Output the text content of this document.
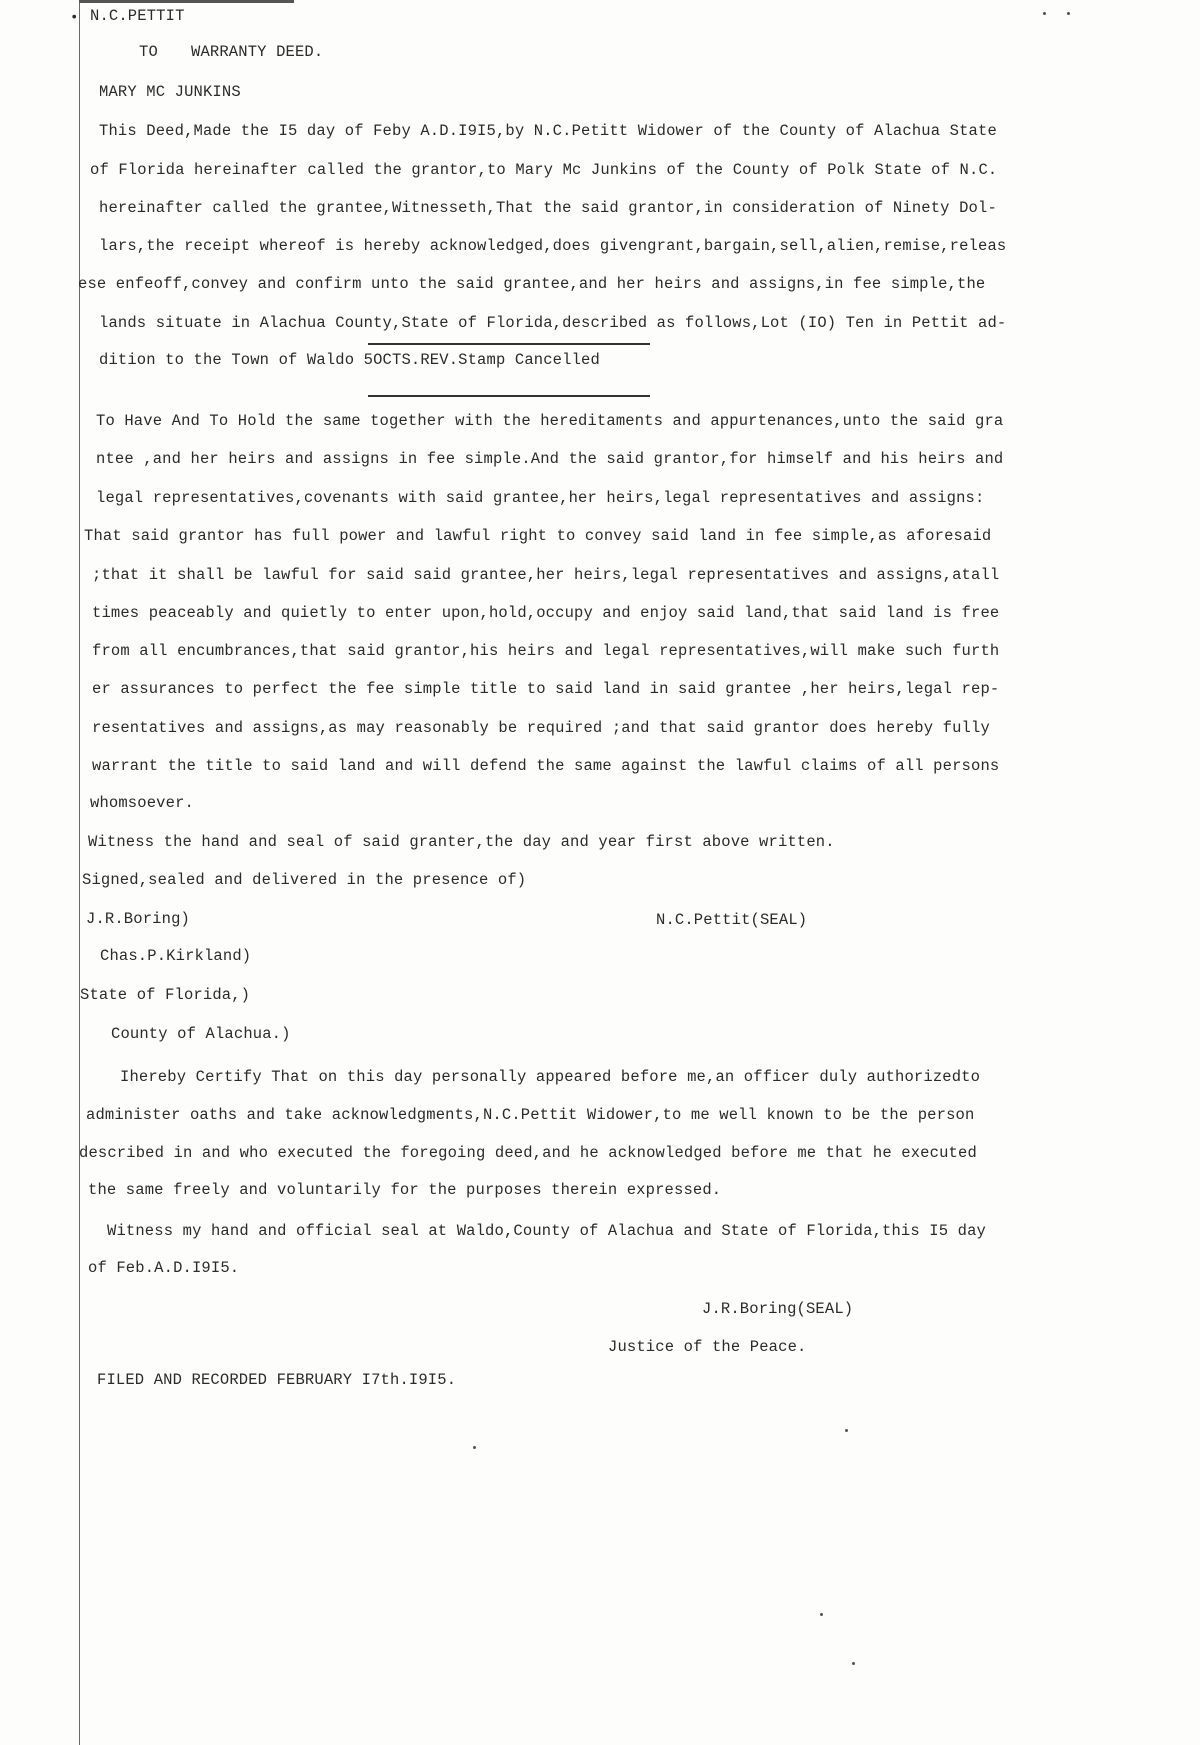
• N.C.PETTIT
TO WARRANTY DEED.
MARY MC JUNKINS
This Deed,Made the I5 day of Feby A.D.I9I5,by N.C.Petitt Widower of the County of Alachua State
of Florida hereinafter called the grantor,to Mary Mc Junkins of the County of Polk State of N.C.
hereinafter called the grantee,Witnesseth,That the said grantor,in consideration of Ninety Dol-
lars,the receipt whereof is hereby acknowledged,does givengrant,bargain,sell,alien,remise,releas
ese enfeoff,convey and confirm unto the said grantee,and her heirs and assigns,in fee simple,the
lands situate in Alachua County,State of Florida,described as follows,Lot (IO) Ten in Pettit ad-
dition to the Town of Waldo 5OCTS.REV.Stamp Cancelled
To Have And To Hold the same together with the hereditaments and appurtenances,unto the said gra
ntee ,and her heirs and assigns in fee simple.And the said grantor,for himself and his heirs and
legal representatives,covenants with said grantee,her heirs,legal representatives and assigns:
That said grantor has full power and lawful right to convey said land in fee simple,as aforesaid
;that it shall be lawful for said said grantee,her heirs,legal representatives and assigns,atall
times peaceably and quietly to enter upon,hold,occupy and enjoy said land,that said land is free
from all encumbrances,that said grantor,his heirs and legal representatives,will make such furth
er assurances to perfect the fee simple title to said land in said grantee ,her heirs,legal rep-
resentatives and assigns,as may reasonably be required ;and that said grantor does hereby fully
warrant the title to said land and will defend the same against the lawful claims of all persons
whomsoever.
Witness the hand and seal of said granter,the day and year first above written.
Signed,sealed and delivered in the presence of)
J.R.Boring)	N.C.Pettit(SEAL)
Chas.P.Kirkland)
State of Florida,)
County of Alachua.)
Ihereby Certify That on this day personally appeared before me,an officer duly authorizedto
administer oaths and take acknowledgments,N.C.Pettit Widower,to me well known to be the person
described in and who executed the foregoing deed,and he acknowledged before me that he executed
the same freely and voluntarily for the purposes therein expressed.
Witness my hand and official seal at Waldo,County of Alachua and State of Florida,this I5 day
of Feb.A.D.I9I5.
J.R.Boring(SEAL)
Justice of the Peace.
FILED AND RECORDED FEBRUARY I7th.I9I5.
